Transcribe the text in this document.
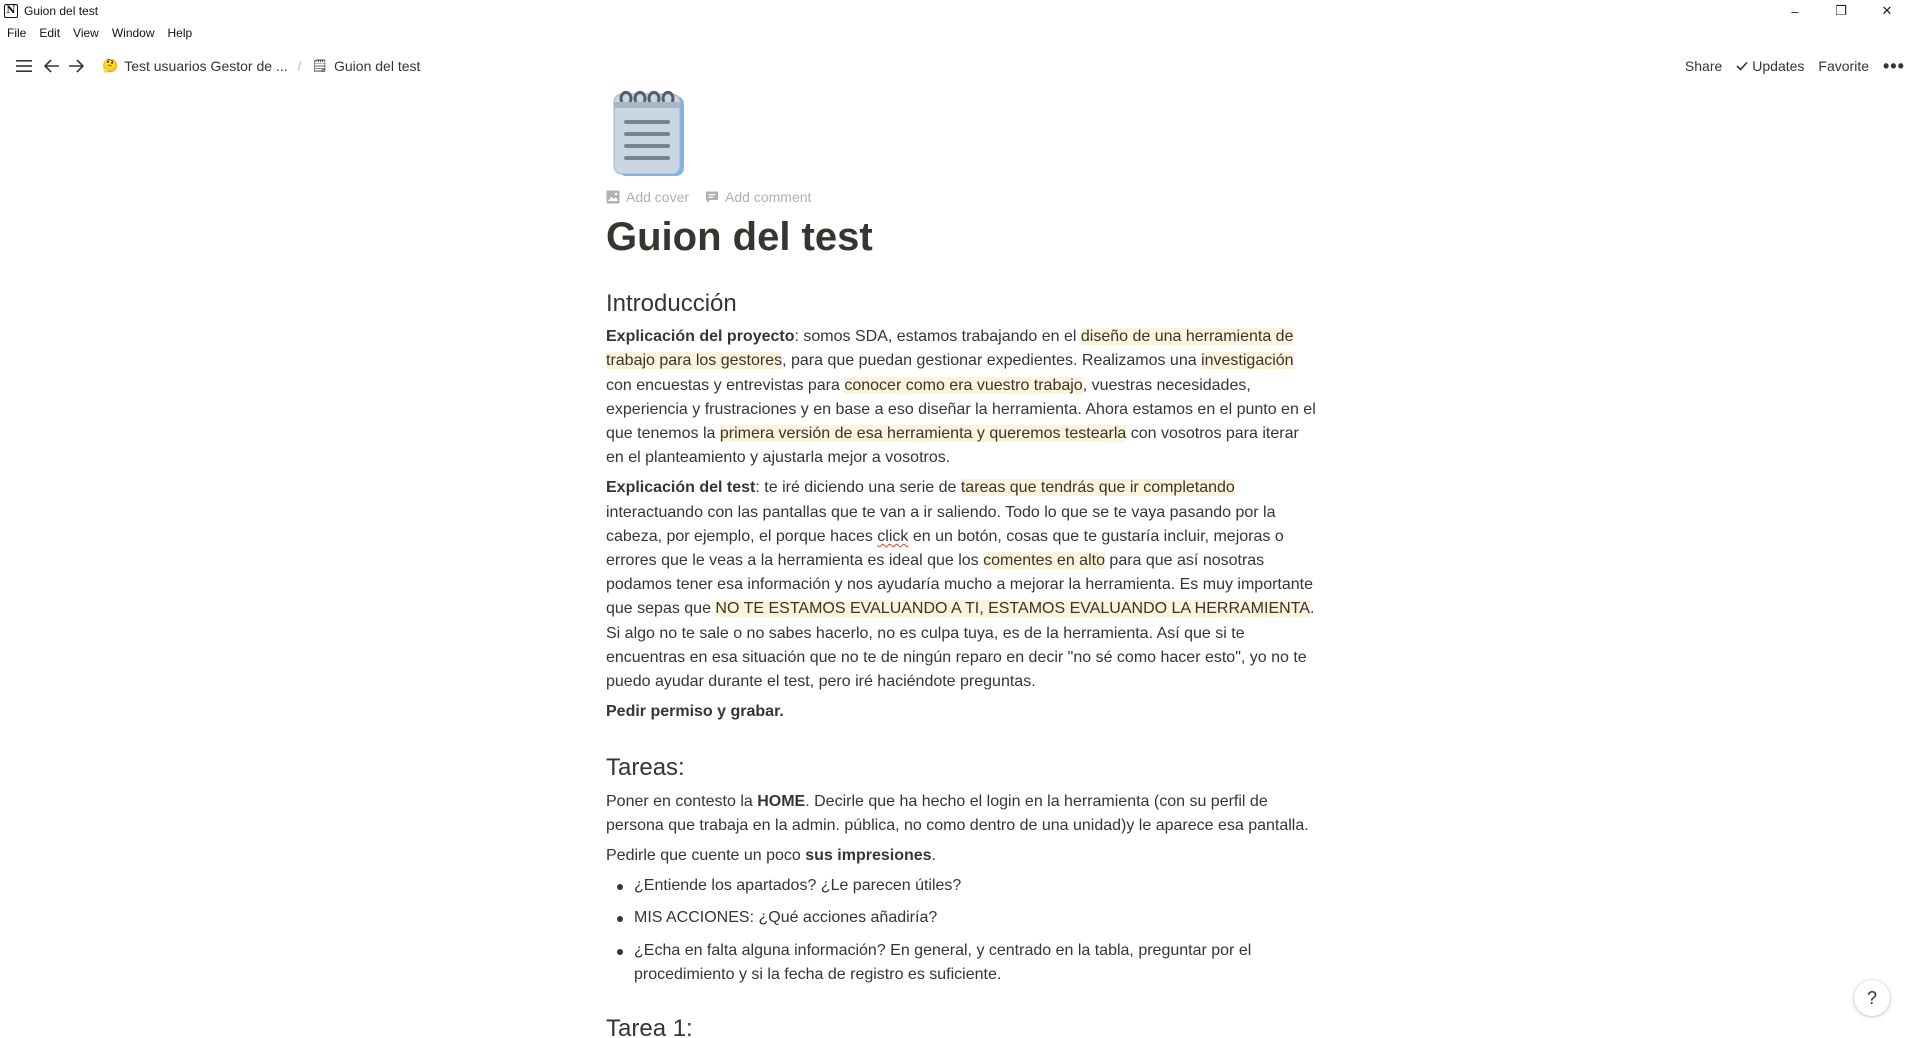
N Guion del test	–	❐	✕
File Edit View Window Help
🤔 Test usuarios Gestor de ... / 🗒 Guion del test	Share	Updates	Favorite •••
Add cover	Add comment
Guion del test
Introducción

Explicación del proyecto: somos SDA, estamos trabajando en el diseño de una herramienta de trabajo para los gestores, para que puedan gestionar expedientes. Realizamos una investigación con encuestas y entrevistas para conocer como era vuestro trabajo, vuestras necesidades, experiencia y frustraciones y en base a eso diseñar la herramienta. Ahora estamos en el punto en el que tenemos la primera versión de esa herramienta y queremos testearla con vosotros para iterar en el planteamiento y ajustarla mejor a vosotros.

Explicación del test: te iré diciendo una serie de tareas que tendrás que ir completando interactuando con las pantallas que te van a ir saliendo. Todo lo que se te vaya pasando por la cabeza, por ejemplo, el porque haces click en un botón, cosas que te gustaría incluir, mejoras o errores que le veas a la herramienta es ideal que los comentes en alto para que así nosotras podamos tener esa información y nos ayudaría mucho a mejorar la herramienta. Es muy importante que sepas que NO TE ESTAMOS EVALUANDO A TI, ESTAMOS EVALUANDO LA HERRAMIENTA. Si algo no te sale o no sabes hacerlo, no es culpa tuya, es de la herramienta. Así que si te encuentras en esa situación que no te de ningún reparo en decir "no sé como hacer esto", yo no te puedo ayudar durante el test, pero iré haciéndote preguntas.

Pedir permiso y grabar.

Tareas:

Poner en contesto la HOME. Decirle que ha hecho el login en la herramienta (con su perfil de persona que trabaja en la admin. pública, no como dentro de una unidad)y le aparece esa pantalla.

Pedirle que cuente un poco sus impresiones.

¿Entiende los apartados? ¿Le parecen útiles?
MIS ACCIONES: ¿Qué acciones añadiría?
¿Echa en falta alguna información? En general, y centrado en la tabla, preguntar por el procedimiento y si la fecha de registro es suficiente.
Tarea 1:
?
